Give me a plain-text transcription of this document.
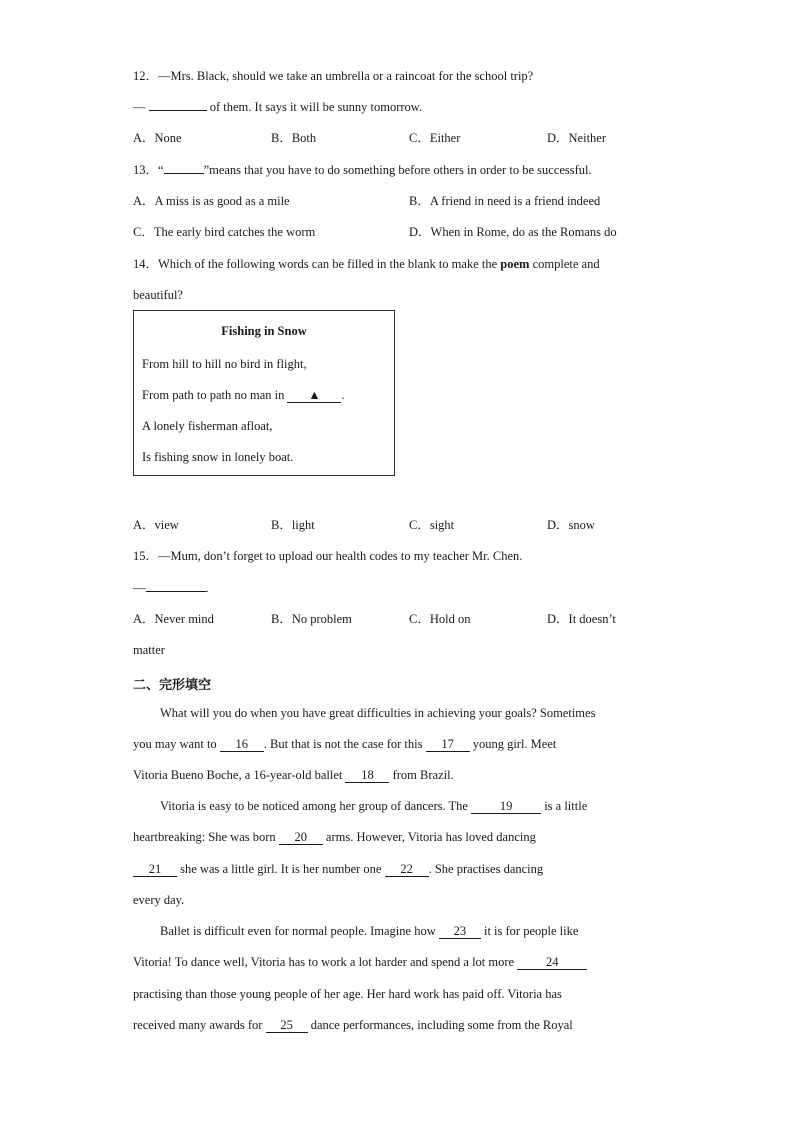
12．—Mrs. Black, should we take an umbrella or a raincoat for the school trip?
—	of them. It says it will be sunny tomorrow.
A．None	B．Both	C．Either	D．Neither
13．“	”means that you have to do something before others in order to be successful.
A．A miss is as good as a mile	B．A friend in need is a friend indeed
C．The early bird catches the worm	D．When in Rome, do as the Romans do
14．Which of the following words can be filled in the blank to make the poem complete and
beautiful?
Fishing in Snow
From hill to hill no bird in flight,
From path to path no man in ▲ .
A lonely fisherman afloat,
Is fishing snow in lonely boat.
A．view	B．light	C．sight	D．snow
15．—Mum, don’t forget to upload our health codes to my teacher Mr. Chen.
—	.
A．Never mind	B．No problem	C．Hold on	D．It doesn’t
matter
二、完形填空
What will you do when you have great difficulties in achieving your goals? Sometimes
you may want to 16 . But that is not the case for this 17 young girl. Meet
Vitoria Bueno Boche, a 16-year-old ballet 18 from Brazil.
Vitoria is easy to be noticed among her group of dancers. The 19 is a little
heartbreaking: She was born 20 arms. However, Vitoria has loved dancing
21 she was a little girl. It is her number one 22 . She practises dancing
every day.
Ballet is difficult even for normal people. Imagine how 23 it is for people like
Vitoria! To dance well, Vitoria has to work a lot harder and spend a lot more 24
practising than those young people of her age. Her hard work has paid off. Vitoria has
received many awards for 25 dance performances, including some from the Royal
